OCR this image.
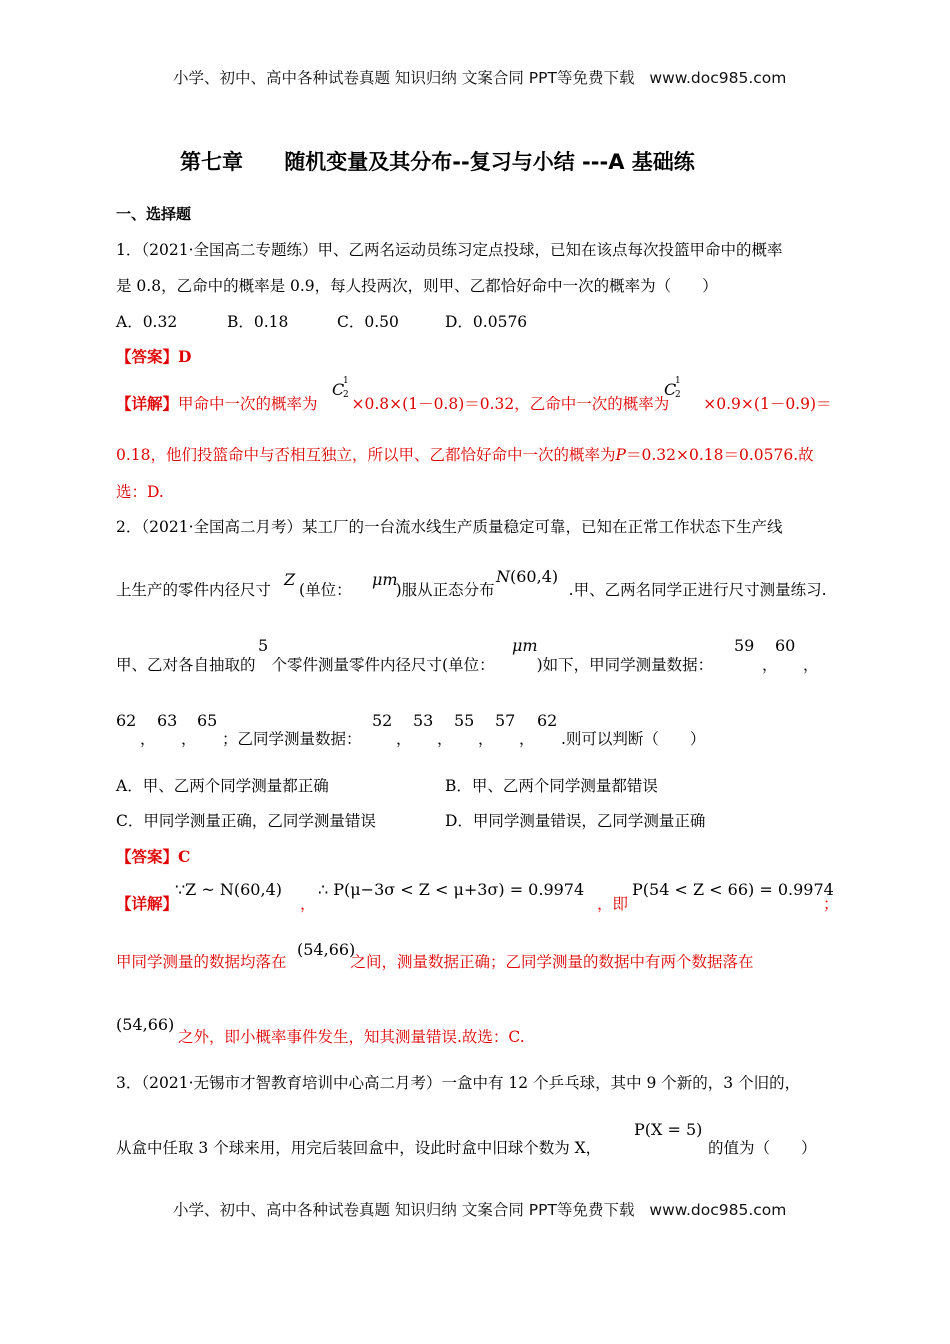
小学、初中、高中各种试卷真题 知识归纳 文案合同 PPT等免费下载 www.doc985.com
第七章 随机变量及其分布--复习与小结 ---A 基础练
一、选择题
1．（2021·全国高二专题练）甲、乙两名运动员练习定点投球，已知在该点每次投篮甲命中的概率
是 0.8，乙命中的概率是 0.9，每人投两次，则甲、乙都恰好命中一次的概率为（　　）
A．0.32	B．0.18	C．0.50	D．0.0576
【答案】D
【详解】甲命中一次的概率为 ×0.8×(1－0.8)＝0.32，乙命中一次的概率为 ×0.9×(1－0.9)＝
C
1
2	C
1
2
0.18，他们投篮命中与否相互独立，所以甲、乙都恰好命中一次的概率为P＝0.32×0.18＝0.0576.故
选：D.
2．（2021·全国高二月考）某工厂的一台流水线生产质量稳定可靠，已知在正常工作状态下生产线
上生产的零件内径尺寸 (单位：	)服从正态分布	.甲、乙两名同学正进行尺寸测量练习.
Z	μm	N(60,4)
甲、乙对各自抽取的 个零件测量零件内径尺寸(单位：	)如下，甲同学测量数据：
5	μm	59
，
60
，
62
，
63
，
65
；乙同学测量数据：
52
，
53
，
55
，
57
，
62
.则可以判断（　　）
A．甲、乙两个同学测量都正确	B．甲、乙两个同学测量都错误
C．甲同学测量正确，乙同学测量错误	D．甲同学测量错误，乙同学测量正确
【答案】C
【详解】
∵Z ~ N(60,4)
，
∴ P(μ−3σ < Z < μ+3σ) = 0.9974
，即
P(54 < Z < 66) = 0.9974
；
甲同学测量的数据均落在	之间，测量数据正确；乙同学测量的数据中有两个数据落在
(54,66)
(54,66)
之外，即小概率事件发生，知其测量错误.故选：C.
3．（2021·无锡市才智教育培训中心高二月考）一盒中有 12 个乒乓球，其中 9 个新的，3 个旧的，
从盒中任取 3 个球来用，用完后装回盒中，设此时盒中旧球个数为 X，
P(X = 5)
的值为（　　）
小学、初中、高中各种试卷真题 知识归纳 文案合同 PPT等免费下载 www.doc985.com
